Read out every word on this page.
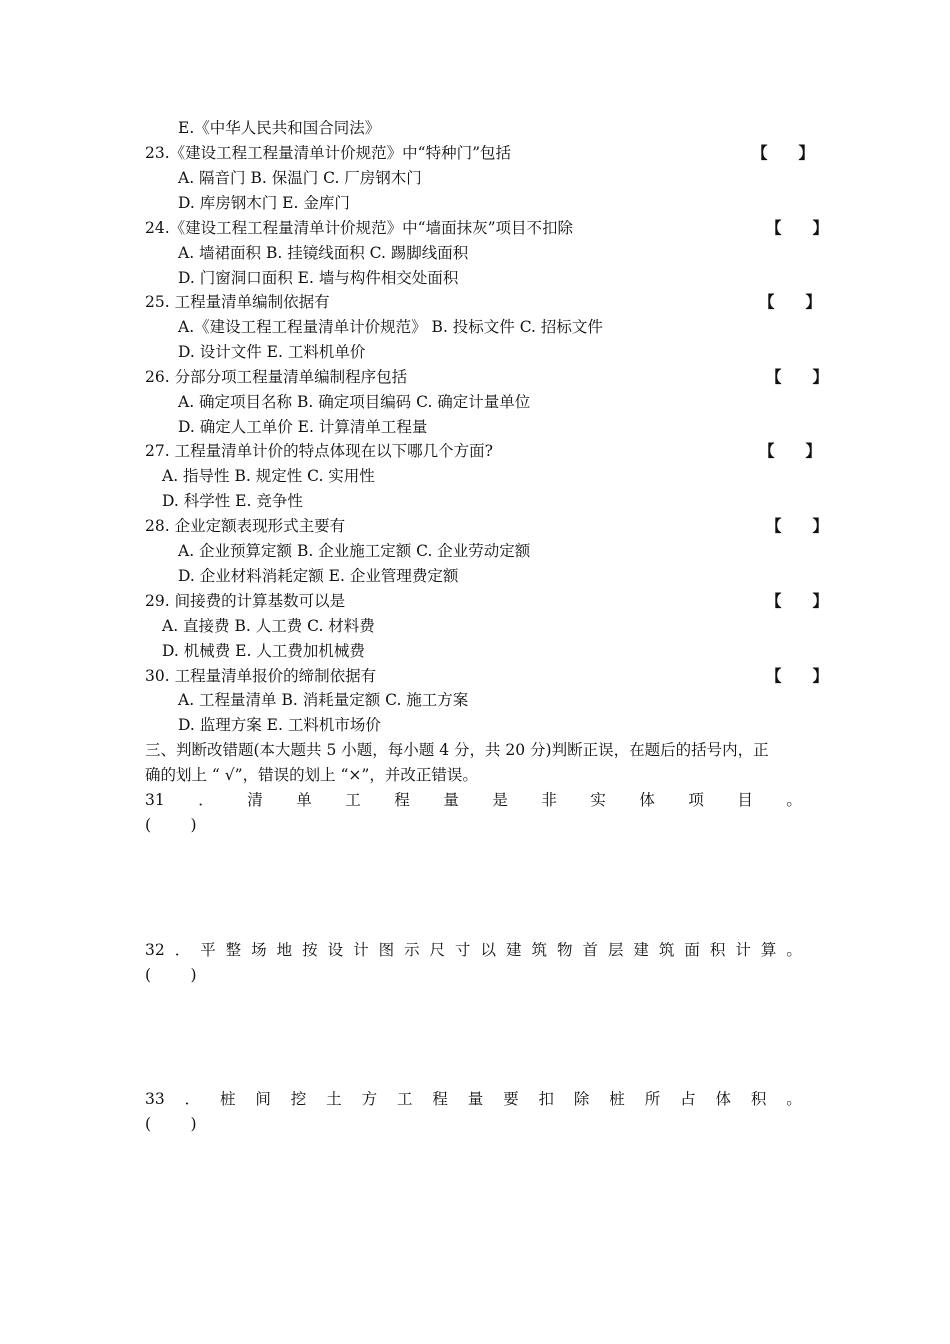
E.《中华人民共和国合同法》
23.《建设工程工程量清单计价规范》中“特种门”包括	【　　】
A. 隔音门 B. 保温门 C. 厂房钢木门
D. 库房钢木门 E. 金库门
24.《建设工程工程量清单计价规范》中“墙面抹灰”项目不扣除	【　　】
A. 墙裙面积 B. 挂镜线面积 C. 踢脚线面积
D. 门窗洞口面积 E. 墙与构件相交处面积
25. 工程量清单编制依据有	【　　】
A.《建设工程工程量清单计价规范》 B. 投标文件 C. 招标文件
D. 设计文件 E. 工料机单价
26. 分部分项工程量清单编制程序包括	【　　】
A. 确定项目名称 B. 确定项目编码 C. 确定计量单位
D. 确定人工单价 E. 计算清单工程量
27. 工程量清单计价的特点体现在以下哪几个方面?	【　　】
A. 指导性 B. 规定性 C. 实用性
D. 科学性 E. 竞争性
28. 企业定额表现形式主要有	【　　】
A. 企业预算定额 B. 企业施工定额 C. 企业劳动定额
D. 企业材料消耗定额 E. 企业管理费定额
29. 间接费的计算基数可以是	【　　】
A. 直接费 B. 人工费 C. 材料费
D. 机械费 E. 人工费加机械费
30. 工程量清单报价的缔制依据有	【　　】
A. 工程量清单 B. 消耗量定额 C. 施工方案
D. 监理方案 E. 工料机市场价
三、判断改错题(本大题共 5 小题，每小题 4 分，共 20 分)判断正误，在题后的括号内，正
确的划上 “ √”，错误的划上 “×”，并改正错误。
31 ． 清 单 工 程 量 是 非 实 体 项 目 。
32 ． 平 整 场 地 按 设 计 图 示 尺 寸 以 建 筑 物 首 层 建 筑 面 积 计 算 。
33 ． 桩 间 挖 土 方 工 程 量 要 扣 除 桩 所 占 体 积 。
(        )
(        )
(        )
